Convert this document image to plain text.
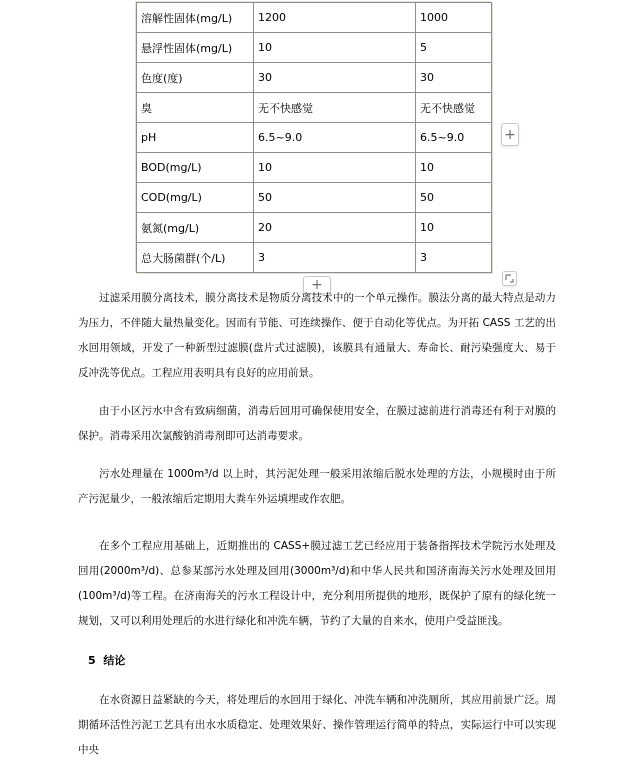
溶解性固体(mg/L)	1200	1000
悬浮性固体(mg/L)	10	5
色度(度)	30	30
臭	无不快感觉	无不快感觉
pH	6.5~9.0	6.5~9.0
BOD(mg/L)	10	10
COD(mg/L)	50	50
氨氮(mg/L)	20	10
总大肠菌群(个/L)	3	3
+
+

过滤采用膜分离技术，膜分离技术是物质分离技术中的一个单元操作。膜法分离的最大特点是动力为压力，不伴随大量热量变化。因而有节能、可连续操作、便于自动化等优点。为开拓 CASS 工艺的出水回用领域，开发了一种新型过滤膜(盘片式过滤膜)，该膜具有通量大、寿命长、耐污染强度大、易于反冲洗等优点。工程应用表明具有良好的应用前景。

由于小区污水中含有致病细菌，消毒后回用可确保使用安全，在膜过滤前进行消毒还有利于对膜的保护。消毒采用次氯酸钠消毒剂即可达消毒要求。

污水处理量在 1000m³/d 以上时，其污泥处理一般采用浓缩后脱水处理的方法，小规模时由于所产污泥量少，一般浓缩后定期用大粪车外运填埋或作农肥。

在多个工程应用基础上，近期推出的 CASS+膜过滤工艺已经应用于装备指挥技术学院污水处理及回用(2000m³/d)、总参某部污水处理及回用(3000m³/d)和中华人民共和国济南海关污水处理及回用(100m³/d)等工程。在济南海关的污水工程设计中，充分利用所提供的地形，既保护了原有的绿化统一规划，又可以利用处理后的水进行绿化和冲洗车辆，节约了大量的自来水，使用户受益匪浅。

5  结论

在水资源日益紧缺的今天，将处理后的水回用于绿化、冲洗车辆和冲洗厕所，其应用前景广泛。周期循环活性污泥工艺具有出水水质稳定、处理效果好、操作管理运行简单的特点，实际运行中可以实现中央
